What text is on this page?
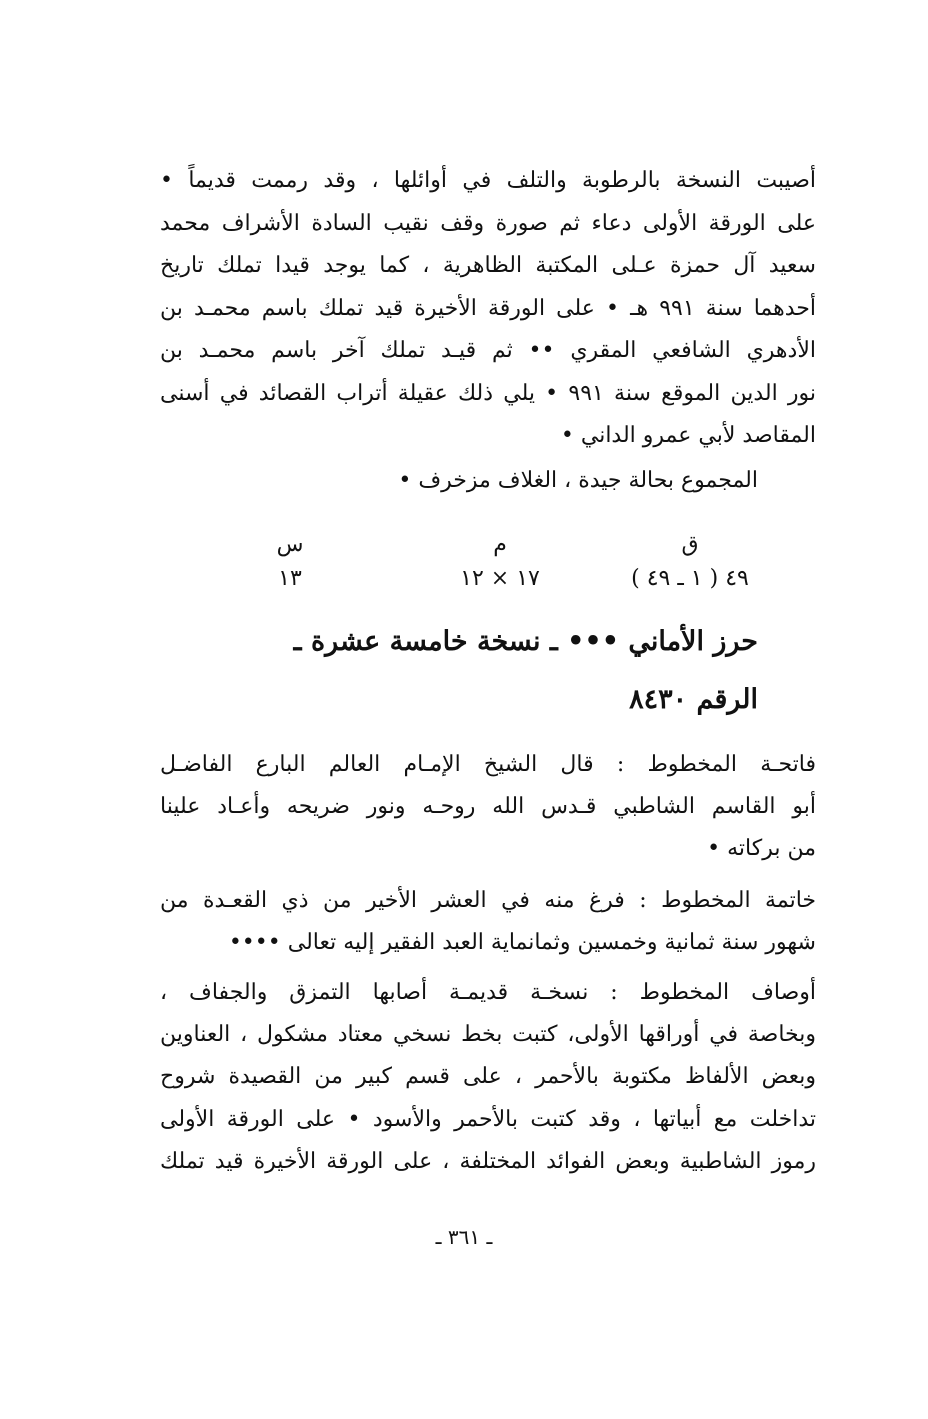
أصيبت النسخة بالرطوبة والتلف في أوائلها ، وقد رممت قديماً •
على الورقة الأولى دعاء ثم صورة وقف نقيب السادة الأشراف محمد
سعيد آل حمزة عـلى المكتبة الظاهرية ، كما يوجد قيدا تملك تاريخ
أحدهما سنة ٩٩١ هـ • على الورقة الأخيرة قيد تملك باسم محمـد بن
الأدهري الشافعي المقري •• ثم قيـد تملك آخر باسم محمـد بن
نور الدين الموقع سنة ٩٩١ • يلي ذلك عقيلة أتراب القصائد في أسنى
المقاصد لأبي عمرو الداني •
المجموع بحالة جيدة ، الغلاف مزخرف •
ق
٤٩ ( ١ ـ ٤٩ )
م
١٧ × ١٢
س
١٣
حرز الأماني ••• ـ نسخة خامسة عشرة ـ
الرقم ٨٤٣٠
فاتحـة المخطوط : قال الشيخ الإمـام العالم البارع الفاضـل
أبو القاسم الشاطبي قـدس الله روحـه ونور ضريحه وأعـاد علينا
من بركاته •
خاتمة المخطوط : فرغ منه في العشر الأخير من ذي القعـدة من
شهور سنة ثمانية وخمسين وثمانماية العبد الفقير إليه تعالى ••••
أوصاف المخطوط : نسخـة قديمـة أصابها التمزق والجفاف ،
وبخاصة في أوراقها الأولى، كتبت بخط نسخي معتاد مشكول ، العناوين
وبعض الألفاظ مكتوبة بالأحمر ، على قسم كبير من القصيدة شروح
تداخلت مع أبياتها ، وقد كتبت بالأحمر والأسود • على الورقة الأولى
رموز الشاطبية وبعض الفوائد المختلفة ، على الورقة الأخيرة قيد تملك
ـ ٣٦١ ـ
